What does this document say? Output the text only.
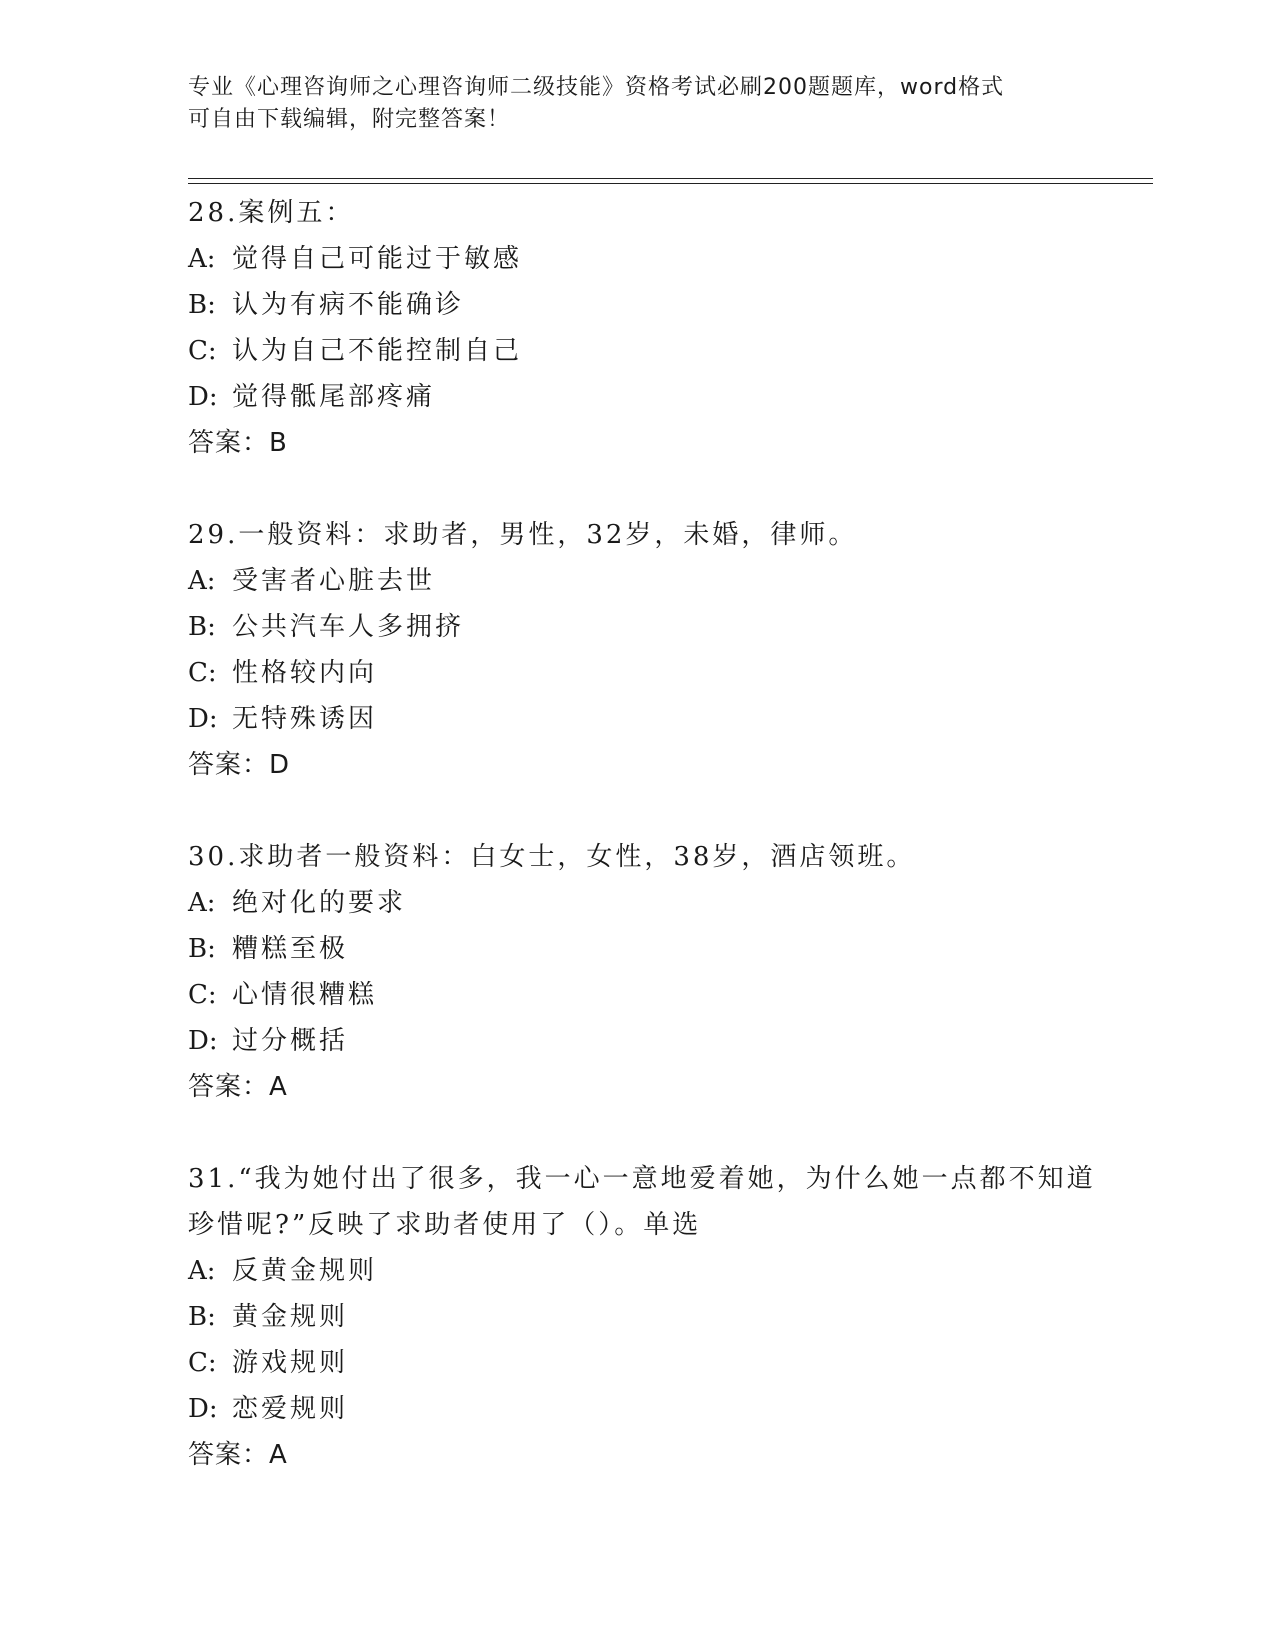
专业《心理咨询师之心理咨询师二级技能》资格考试必刷200题题库，word格式
可自由下载编辑，附完整答案！
28.案例五：
A: 觉得自己可能过于敏感
B: 认为有病不能确诊
C: 认为自己不能控制自己
D: 觉得骶尾部疼痛
答案：B
29.一般资料：求助者，男性，32岁，未婚，律师。
A: 受害者心脏去世
B: 公共汽车人多拥挤
C: 性格较内向
D: 无特殊诱因
答案：D
30.求助者一般资料：白女士，女性，38岁，酒店领班。
A: 绝对化的要求
B: 糟糕至极
C: 心情很糟糕
D: 过分概括
答案：A
31.“我为她付出了很多，我一心一意地爱着她，为什么她一点都不知道珍惜呢?”反映了求助者使用了（）。单选
A: 反黄金规则
B: 黄金规则
C: 游戏规则
D: 恋爱规则
答案：A
